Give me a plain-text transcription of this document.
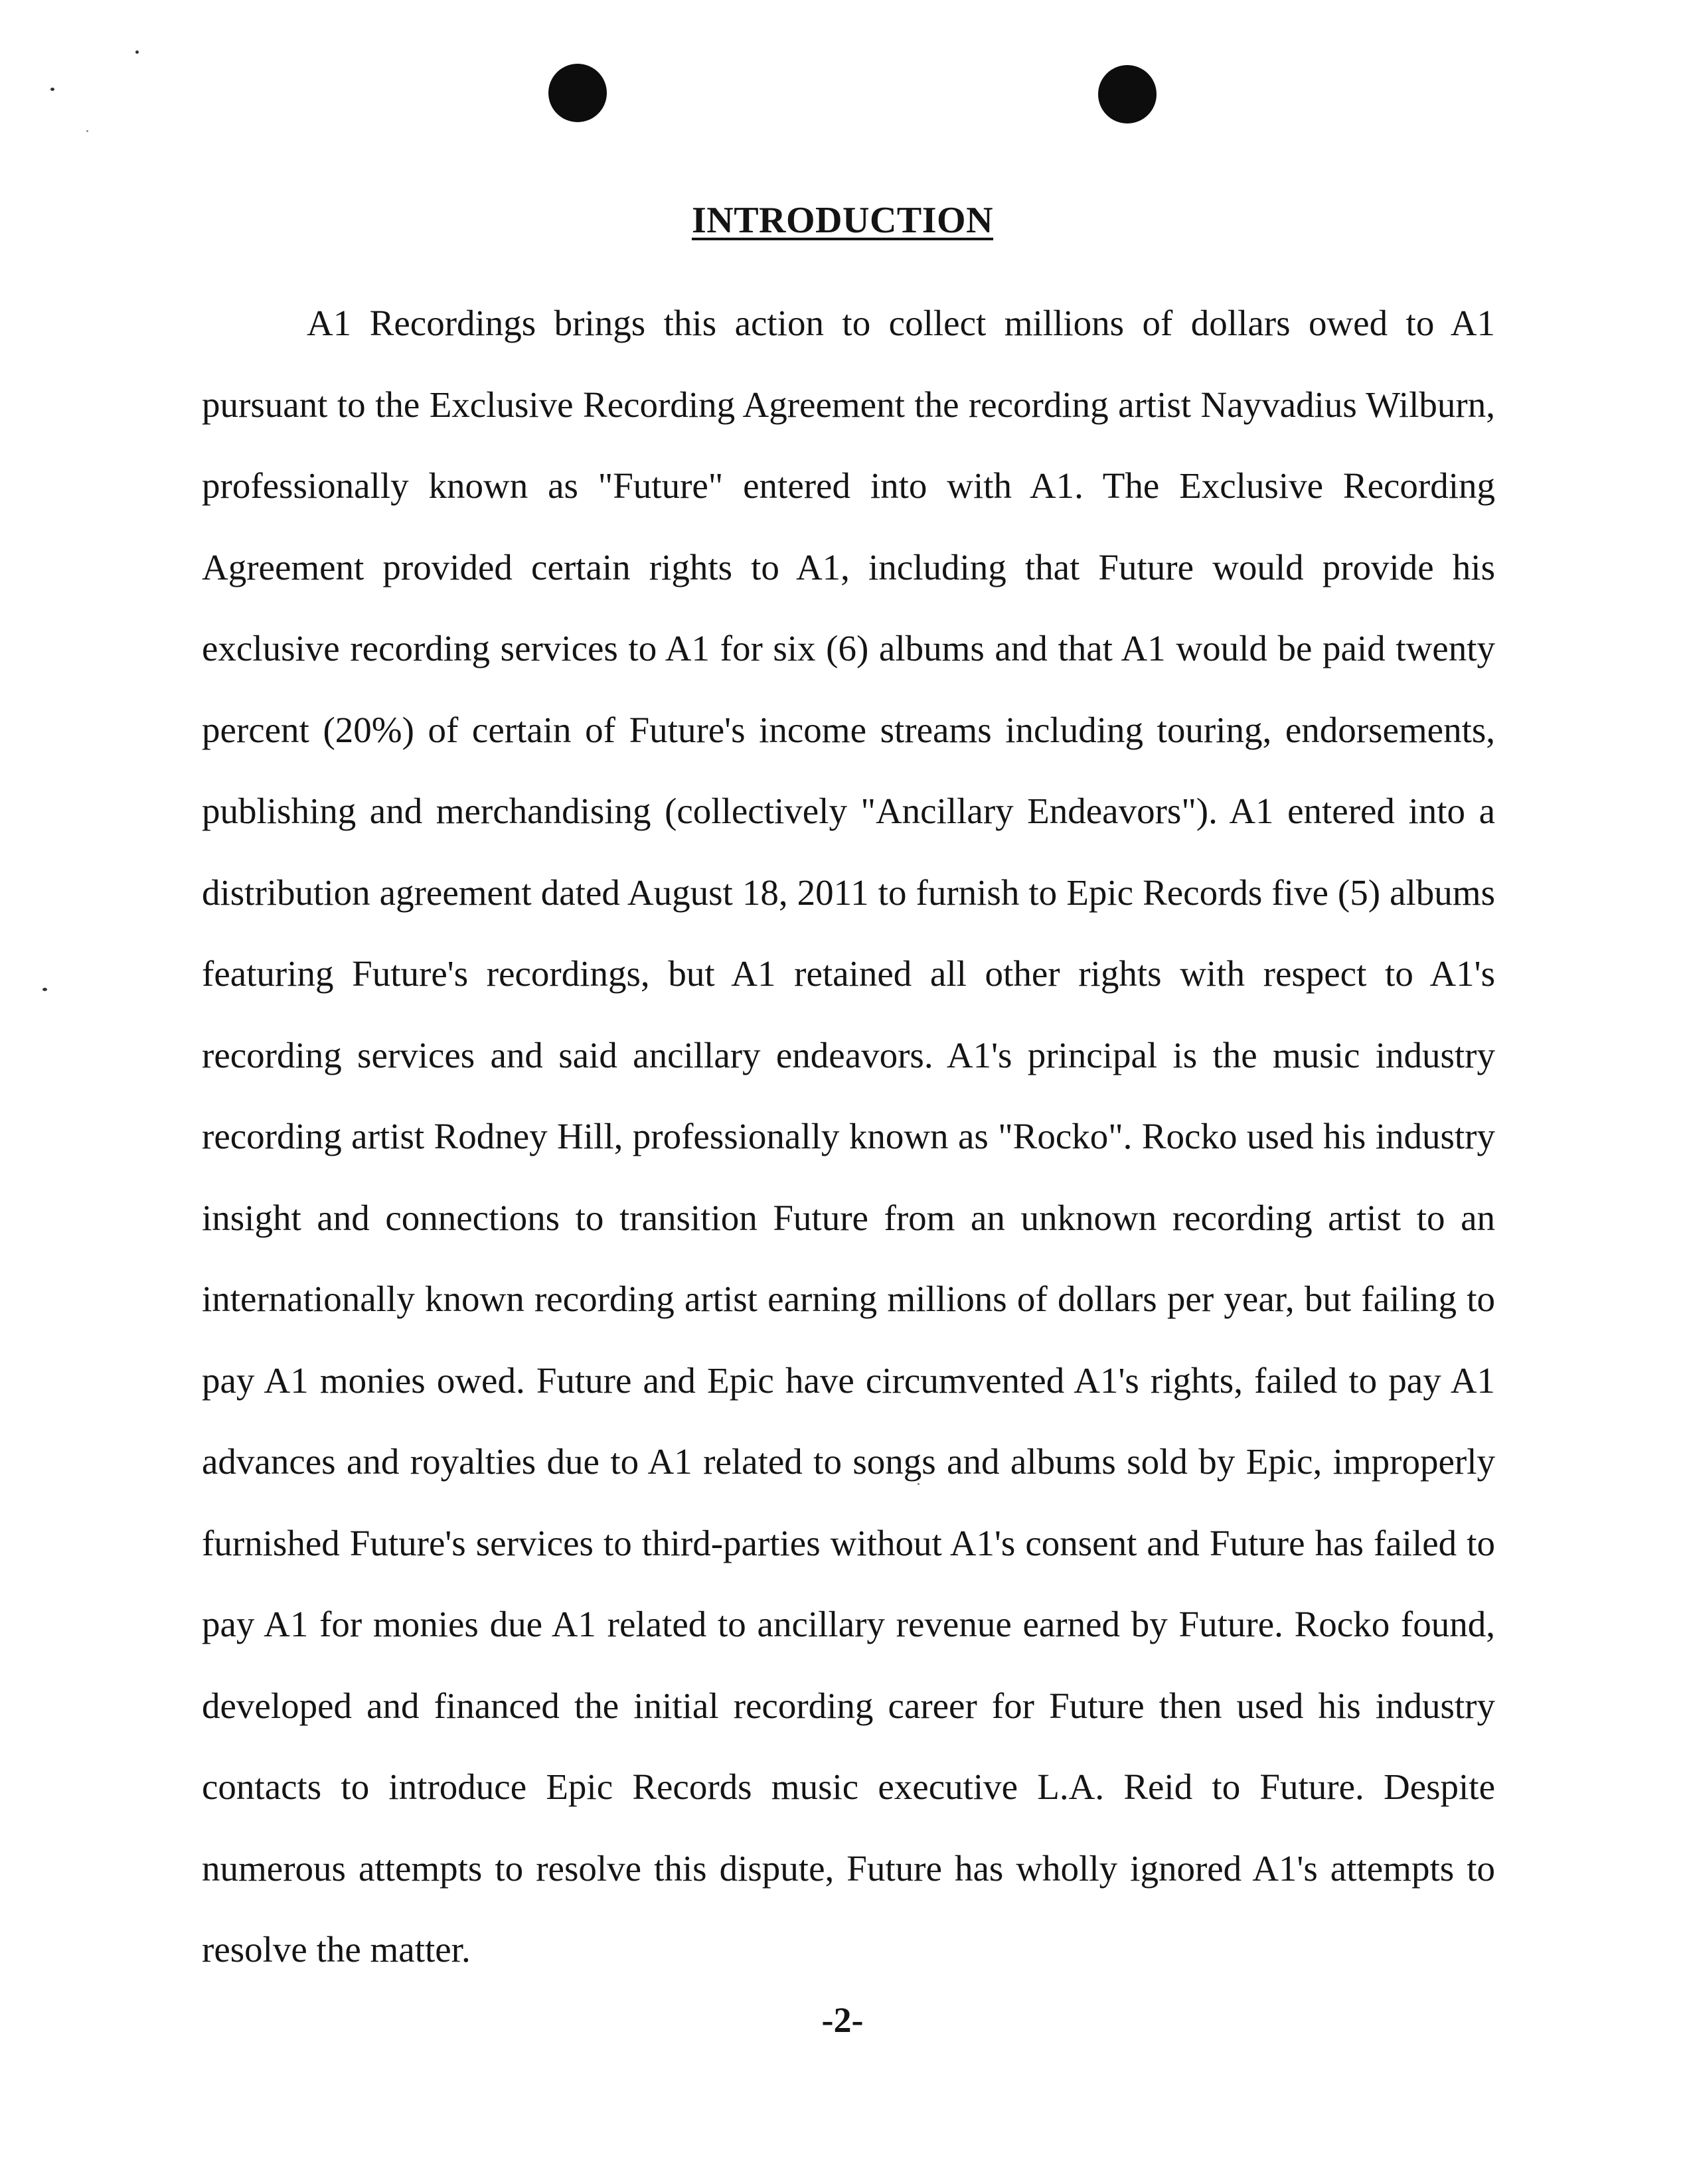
INTRODUCTION

A1 Recordings brings this action to collect millions of dollars owed to A1 pursuant to the Exclusive Recording Agreement the recording artist Nayvadius Wilburn, professionally known as "Future" entered into with A1. The Exclusive Recording Agreement provided certain rights to A1, including that Future would provide his exclusive recording services to A1 for six (6) albums and that A1 would be paid twenty percent (20%) of certain of Future's income streams including touring, endorsements, publishing and merchandising (collectively "Ancillary Endeavors"). A1 entered into a distribution agreement dated August 18, 2011 to furnish to Epic Records five (5) albums featuring Future's recordings, but A1 retained all other rights with respect to A1's recording services and said ancillary endeavors. A1's principal is the music industry recording artist Rodney Hill, professionally known as "Rocko". Rocko used his industry insight and connections to transition Future from an unknown recording artist to an internationally known recording artist earning millions of dollars per year, but failing to pay A1 monies owed. Future and Epic have circumvented A1's rights, failed to pay A1 advances and royalties due to A1 related to songs and albums sold by Epic, improperly furnished Future's services to third-parties without A1's consent and Future has failed to pay A1 for monies due A1 related to ancillary revenue earned by Future. Rocko found, developed and financed the initial recording career for Future then used his industry contacts to introduce Epic Records music executive L.A. Reid to Future. Despite numerous attempts to resolve this dispute, Future has wholly ignored A1's attempts to resolve the matter.

-2-
